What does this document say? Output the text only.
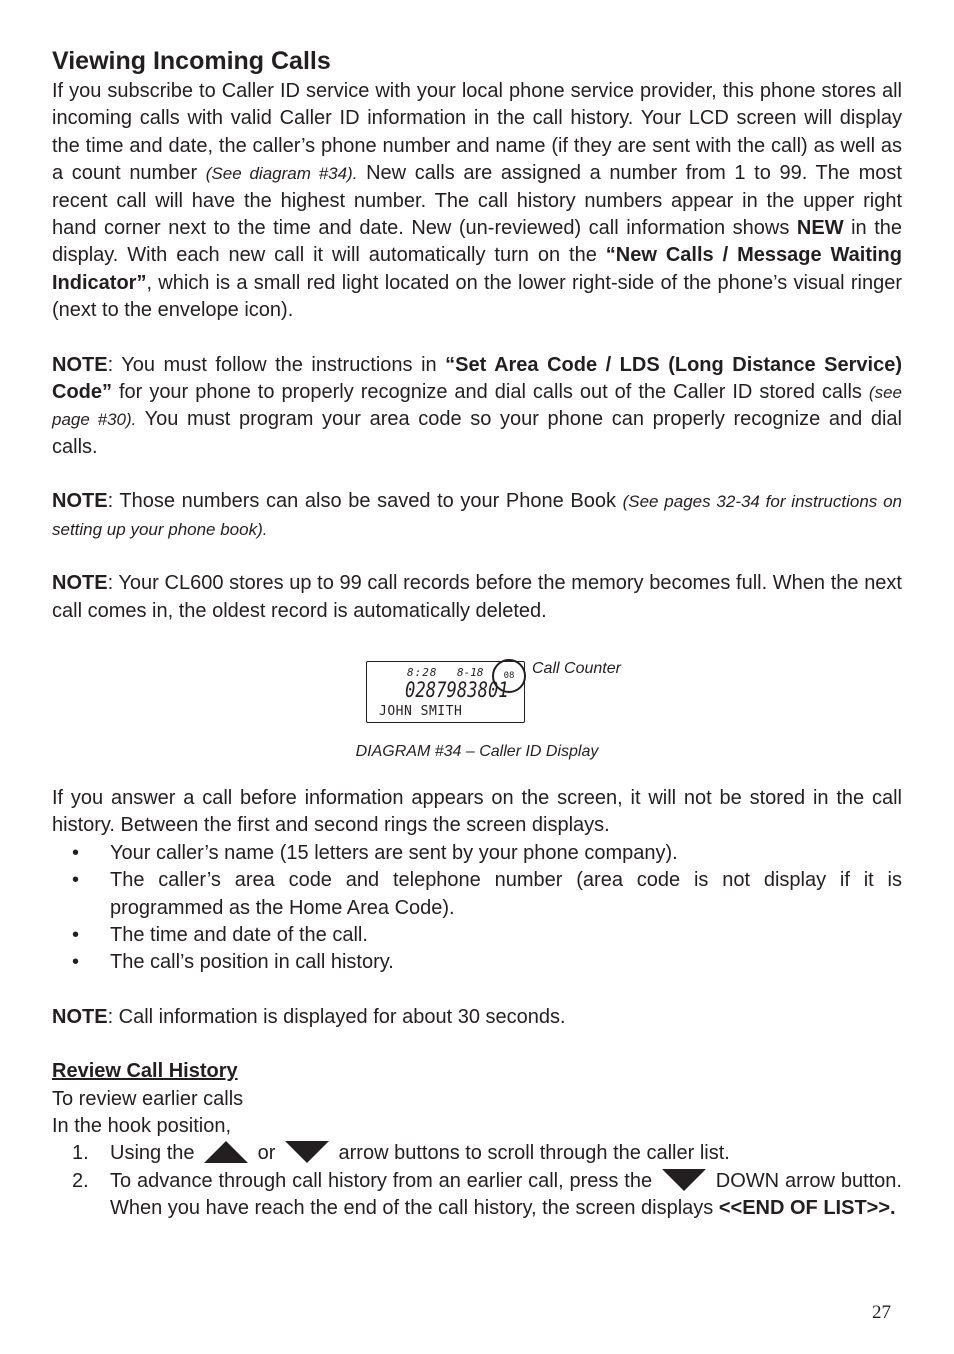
Viewing Incoming Calls

If you subscribe to Caller ID service with your local phone service provider, this phone stores all incoming calls with valid Caller ID information in the call history. Your LCD screen will display the time and date, the caller’s phone number and name (if they are sent with the call) as well as a count number (See diagram #34). New calls are assigned a number from 1 to 99. The most recent call will have the highest number. The call history numbers appear in the upper right hand corner next to the time and date. New (un-reviewed) call information shows NEW in the display. With each new call it will automatically turn on the “New Calls / Message Waiting Indicator”, which is a small red light located on the lower right-side of the phone’s visual ringer (next to the envelope icon).

NOTE: You must follow the instructions in “Set Area Code / LDS (Long Distance Service) Code” for your phone to properly recognize and dial calls out of the Caller ID stored calls (see page #30). You must program your area code so your phone can properly recognize and dial calls.

NOTE: Those numbers can also be saved to your Phone Book (See pages 32-34 for instructions on setting up your phone book).

NOTE: Your CL600 stores up to 99 call records before the memory becomes full. When the next call comes in, the oldest record is automatically deleted.

8:28 8-18	08
0287983801
JOHN SMITH
Call Counter
DIAGRAM #34 – Caller ID Display

If you answer a call before information appears on the screen, it will not be stored in the call history. Between the first and second rings the screen displays.

• Your caller’s name (15 letters are sent by your phone company).
• The caller’s area code and telephone number (area code is not display if it is programmed as the Home Area Code).
• The time and date of the call.
• The call’s position in call history.

NOTE: Call information is displayed for about 30 seconds.

Review Call History

To review earlier calls

In the hook position,

1. Using the	or	arrow buttons to scroll through the caller list.
2. To advance through call history from an earlier call, press the	DOWN arrow button. When you have reach the end of the call history, the screen displays <<END OF LIST>>.
27
